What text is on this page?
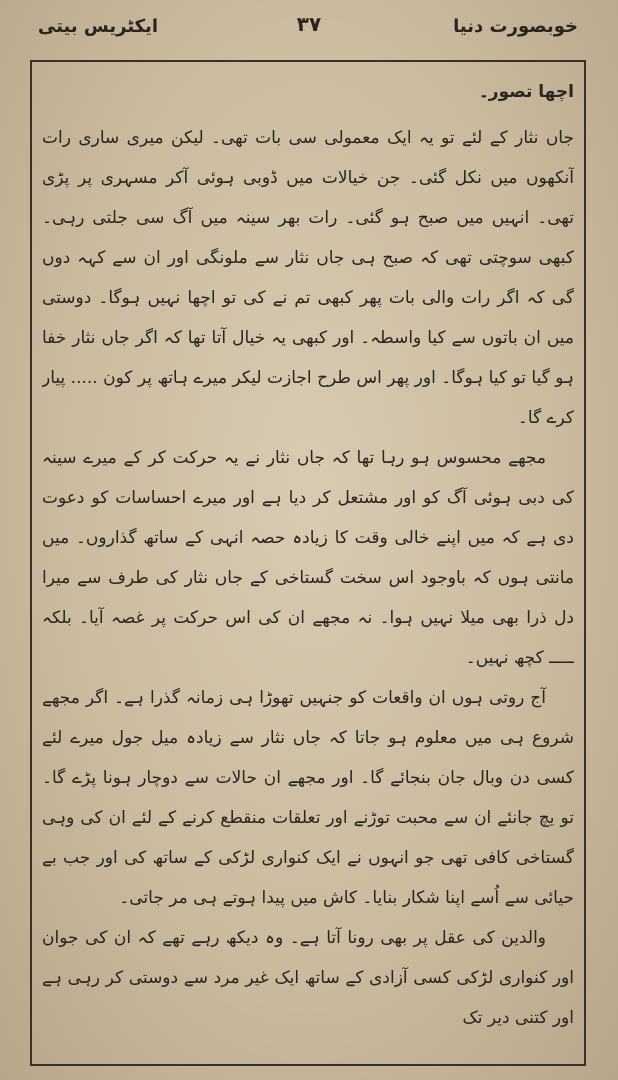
خوبصورت دنیا
۳۷
ایکٹریس بیتی

اچھا تصور۔

جاں نثار کے لئے تو یہ ایک معمولی سی بات تھی۔ لیکن میری ساری رات آنکھوں میں نکل گئی۔ جن خیالات میں ڈوبی ہوئی آکر مسہری پر پڑی تھی۔ انہیں میں صبح ہو گئی۔ رات بھر سینہ میں آگ سی جلتی رہی۔ کبھی سوچتی تھی کہ صبح ہی جاں نثار سے ملونگی اور ان سے کہہ دوں گی کہ اگر رات والی بات پھر کبھی تم نے کی تو اچھا نہیں ہوگا۔ دوستی میں ان باتوں سے کیا واسطہ۔ اور کبھی یہ خیال آتا تھا کہ اگر جاں نثار خفا ہو گیا تو کیا ہوگا۔ اور پھر اس طرح اجازت لیکر میرے ہاتھ پر کون ..... پیار کرے گا۔

مجھے محسوس ہو رہا تھا کہ جاں نثار نے یہ حرکت کر کے میرے سینہ کی دبی ہوئی آگ کو اور مشتعل کر دیا ہے اور میرے احساسات کو دعوت دی ہے کہ میں اپنے خالی وقت کا زیادہ حصہ انہی کے ساتھ گذاروں۔ میں مانتی ہوں کہ باوجود اس سخت گستاخی کے جاں نثار کی طرف سے میرا دل ذرا بھی میلا نہیں ہوا۔ نہ مجھے ان کی اس حرکت پر غصہ آیا۔ بلکہ ـــــ کچھ نہیں۔

آج روتی ہوں ان واقعات کو جنہیں تھوڑا ہی زمانہ گذرا ہے۔ اگر مجھے شروع ہی میں معلوم ہو جاتا کہ جاں نثار سے زیادہ میل جول میرے لئے کسی دن وبال جان بنجائے گا۔ اور مجھے ان حالات سے دوچار ہونا پڑے گا۔ تو یچ جانئے ان سے محبت توڑنے اور تعلقات منقطع کرنے کے لئے ان کی وہی گستاخی کافی تھی جو انہوں نے ایک کنواری لڑکی کے ساتھ کی اور جب بے حیائی سے اُسے اپنا شکار بنایا۔ کاش میں پیدا ہوتے ہی مر جاتی۔

والدین کی عقل پر بھی رونا آتا ہے۔ وہ دیکھ رہے تھے کہ ان کی جوان اور کنواری لڑکی کسی آزادی کے ساتھ ایک غیر مرد سے دوستی کر رہی ہے اور کتنی دیر تک
